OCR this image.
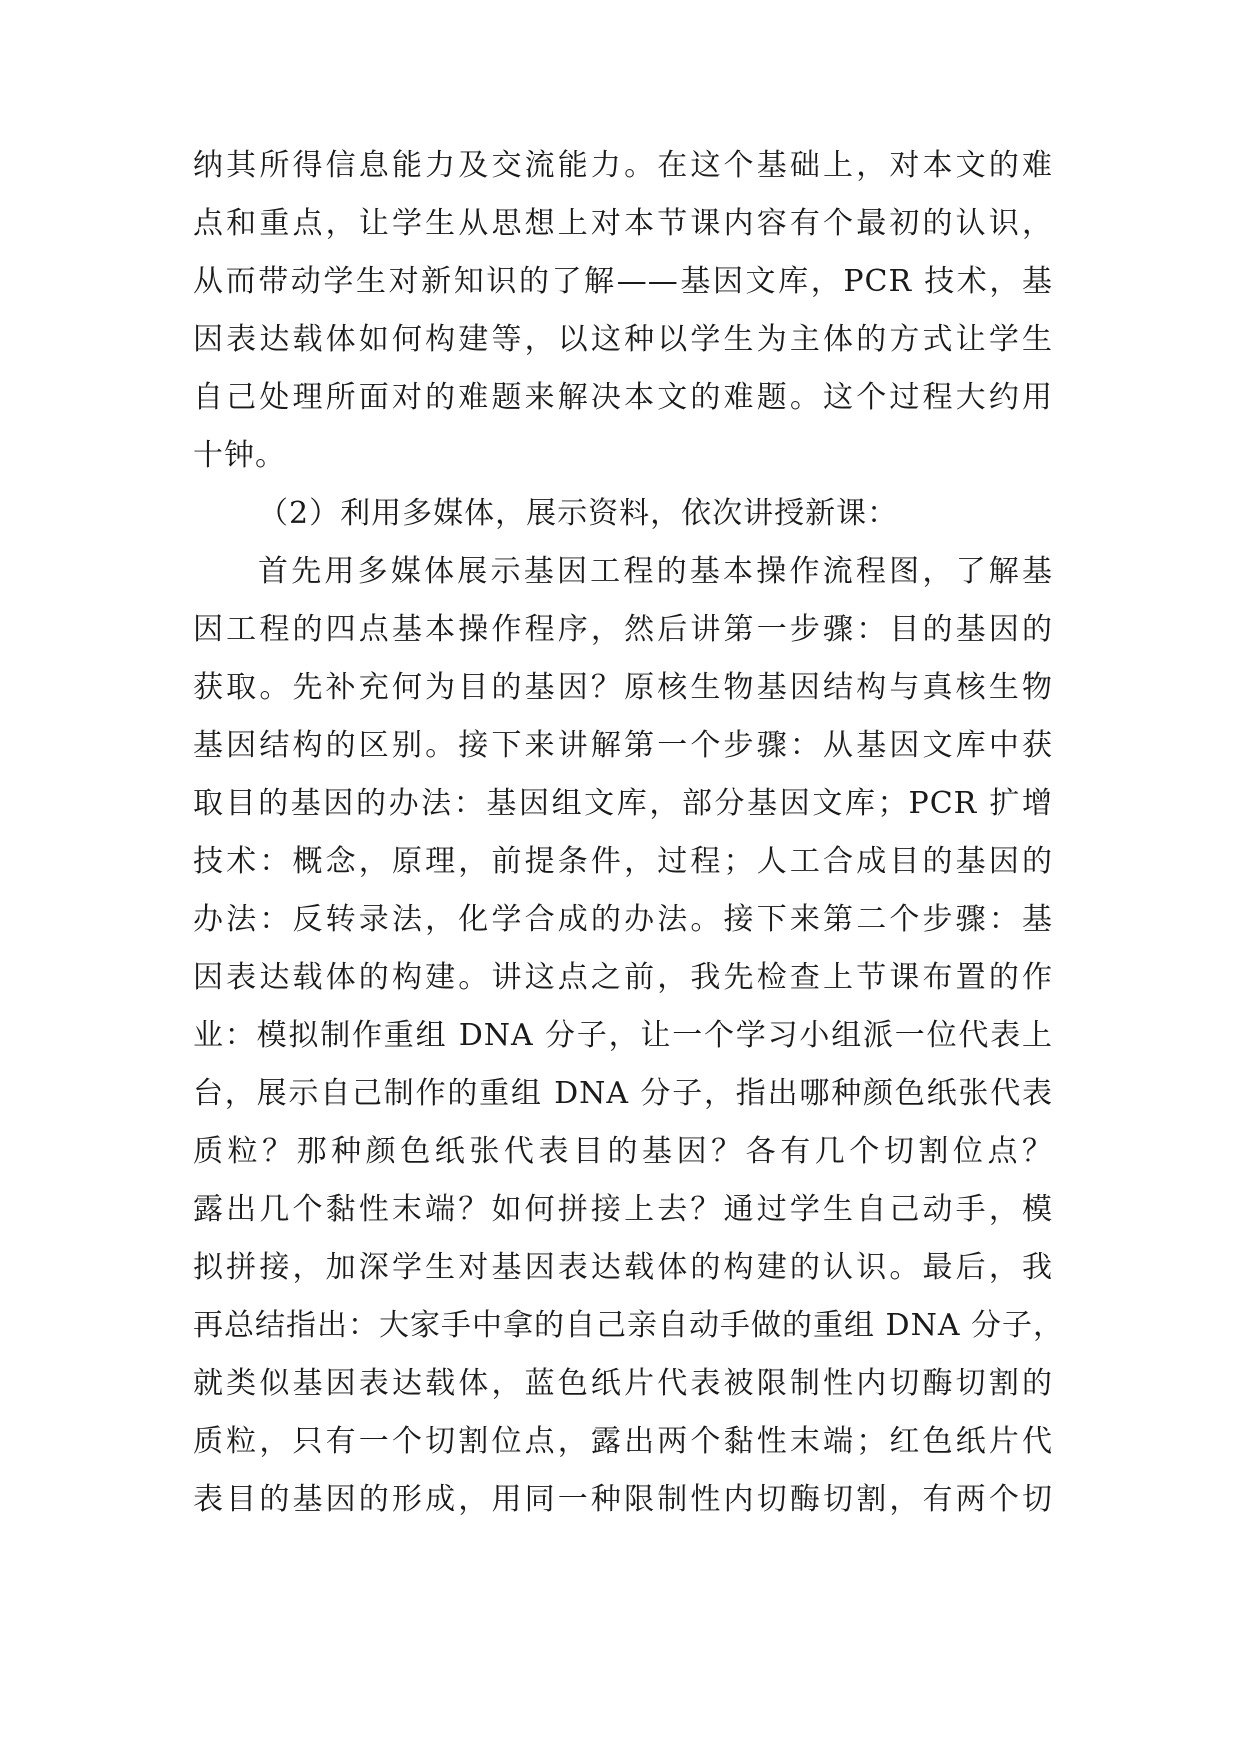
纳其所得信息能力及交流能力。在这个基础上，对本文的难
点和重点，让学生从思想上对本节课内容有个最初的认识，
从而带动学生对新知识的了解——基因文库，PCR 技术，基
因表达载体如何构建等，以这种以学生为主体的方式让学生
自己处理所面对的难题来解决本文的难题。这个过程大约用
十钟。
（2）利用多媒体，展示资料，依次讲授新课：
首先用多媒体展示基因工程的基本操作流程图，了解基
因工程的四点基本操作程序，然后讲第一步骤：目的基因的
获取。先补充何为目的基因？原核生物基因结构与真核生物
基因结构的区别。接下来讲解第一个步骤：从基因文库中获
取目的基因的办法：基因组文库，部分基因文库；PCR 扩增
技术：概念，原理，前提条件，过程；人工合成目的基因的
办法：反转录法，化学合成的办法。接下来第二个步骤：基
因表达载体的构建。讲这点之前，我先检查上节课布置的作
业：模拟制作重组 DNA 分子，让一个学习小组派一位代表上
台，展示自己制作的重组 DNA 分子，指出哪种颜色纸张代表
质粒？那种颜色纸张代表目的基因？各有几个切割位点？
露出几个黏性末端？如何拼接上去？通过学生自己动手，模
拟拼接，加深学生对基因表达载体的构建的认识。最后，我
再总结指出：大家手中拿的自己亲自动手做的重组 DNA 分子，
就类似基因表达载体，蓝色纸片代表被限制性内切酶切割的
质粒，只有一个切割位点，露出两个黏性末端；红色纸片代
表目的基因的形成，用同一种限制性内切酶切割，有两个切
